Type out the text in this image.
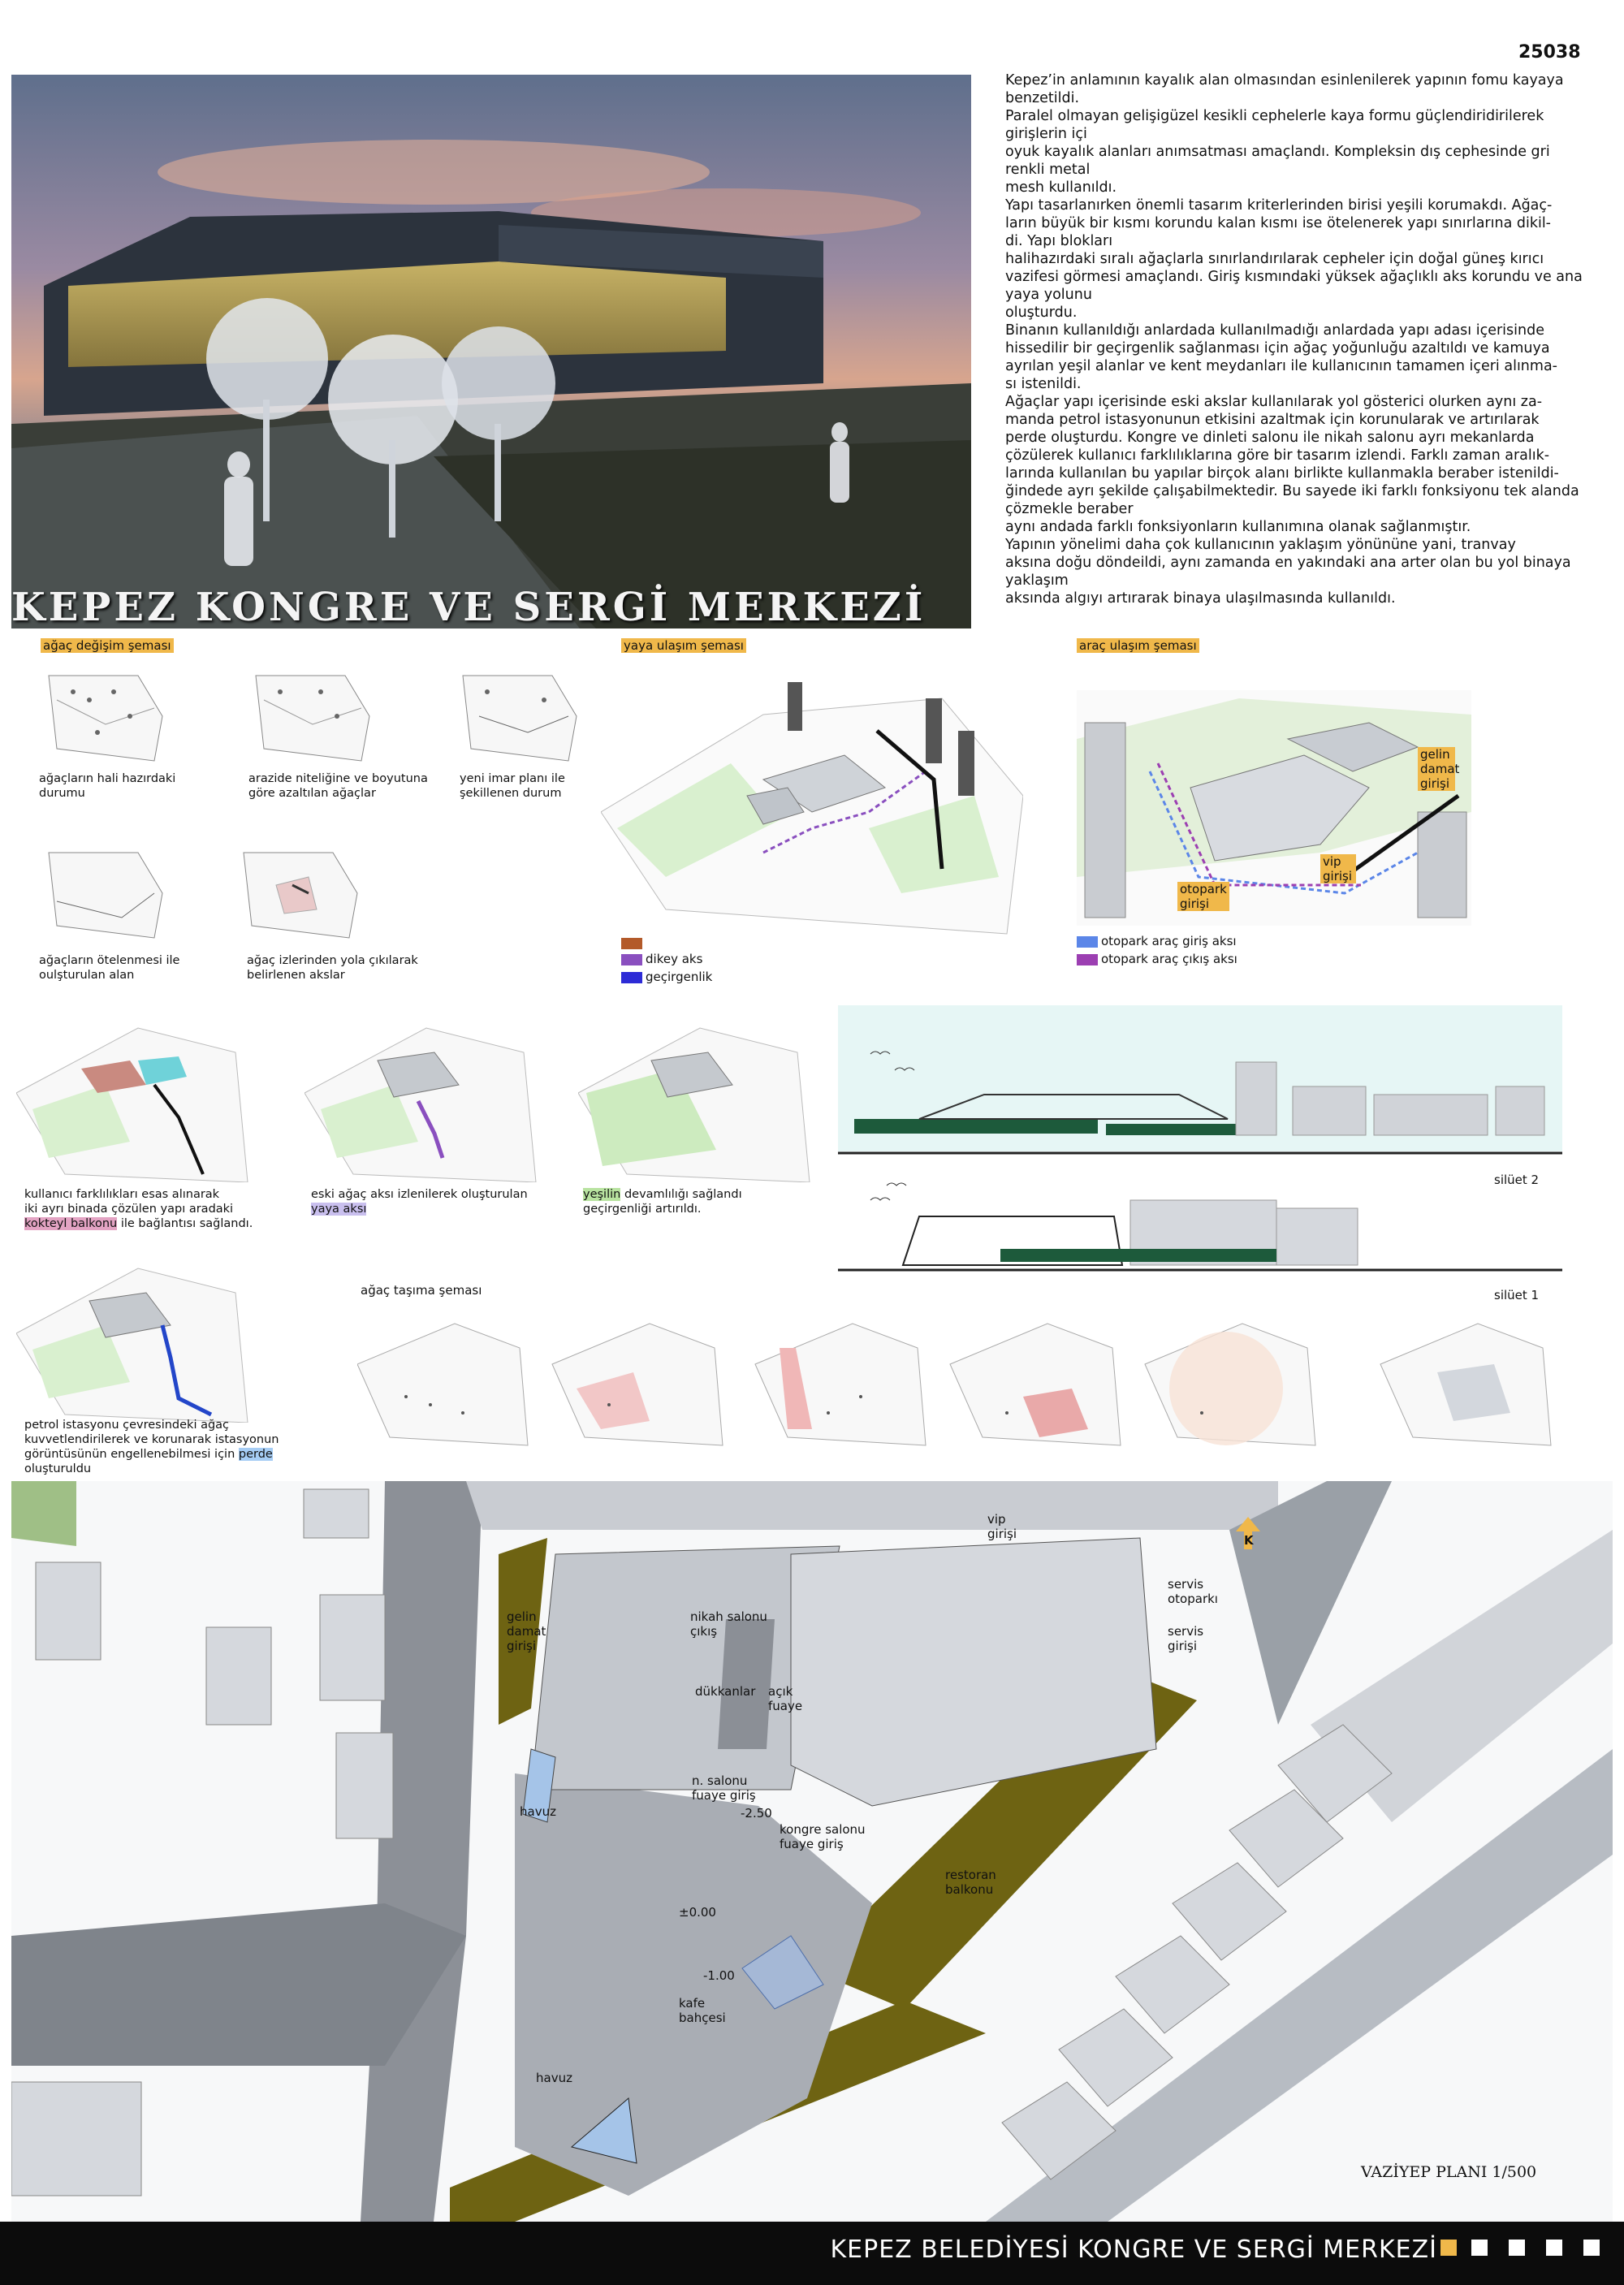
25038
KEPEZ KONGRE VE SERGİ MERKEZİ

Kepez’in anlamının kayalık alan olmasından esinlenilerek yapının fomu kayaya benzetildi.

Paralel olmayan gelişigüzel kesikli cephelerle kaya formu güçlendiridirilerek girişlerin içi

oyuk kayalık alanları anımsatması amaçlandı. Kompleksin dış cephesinde gri renkli metal

mesh kullanıldı.

Yapı tasarlanırken önemli tasarım kriterlerinden birisi yeşili korumakdı. Ağaç-

ların büyük bir kısmı korundu kalan kısmı ise ötelenerek yapı sınırlarına dikil-

di. Yapı blokları

halihazırdaki sıralı ağaçlarla sınırlandırılarak cepheler için doğal güneş kırıcı

vazifesi görmesi amaçlandı. Giriş kısmındaki yüksek ağaçlıklı aks korundu ve ana yaya yolunu

oluşturdu.

Binanın kullanıldığı anlardada kullanılmadığı anlardada yapı adası içerisinde

hissedilir bir geçirgenlik sağlanması için ağaç yoğunluğu azaltıldı ve kamuya

ayrılan yeşil alanlar ve kent meydanları ile kullanıcının tamamen içeri alınma-

sı istenildi.

Ağaçlar yapı içerisinde eski akslar kullanılarak yol gösterici olurken aynı za-

manda petrol istasyonunun etkisini azaltmak için korunularak ve artırılarak

perde oluşturdu. Kongre ve dinleti salonu ile nikah salonu ayrı mekanlarda

çözülerek kullanıcı farklılıklarına göre bir tasarım izlendi. Farklı zaman aralık-

larında kullanılan bu yapılar birçok alanı birlikte kullanmakla beraber istenildi-

ğindede ayrı şekilde çalışabilmektedir. Bu sayede iki farklı fonksiyonu tek alanda çözmekle beraber

aynı andada farklı fonksiyonların kullanımına olanak sağlanmıştır.

Yapının yönelimi daha çok kullanıcının yaklaşım yönününe yani, tranvay

aksına doğu döndeildi, aynı zamanda en yakındaki ana arter olan bu yol binaya yaklaşım

aksında algıyı artırarak binaya ulaşılmasında kullanıldı.

ağaç değişim şeması	yaya ulaşım şeması	araç ulaşım şeması
ağaçların hali hazırdaki durumu
arazide niteliğine ve boyutuna göre azaltılan ağaçlar
yeni imar planı ile şekillenen durum
ağaçların ötelenmesi ile oulşturulan alan
ağaç izlerinden yola çıkılarak belirlenen akslar
dikey aks
geçirgenlik
gelin damat girişi
vip girişi
otopark girişi
otopark araç giriş aksı
otopark araç çıkış aksı
kullanıcı farklılıkları esas alınarak
iki ayrı binada çözülen yapı aradaki
kokteyl balkonu ile bağlantısı sağlandı.
eski ağaç aksı izlenilerek oluşturulan
yaya aksı
yeşilin devamlılığı sağlandı
geçirgenliği artırıldı.
petrol istasyonu çevresindeki ağaç
kuvvetlendirilerek ve korunarak istasyonun
görüntüsünün engellenebilmesi için perde
oluşturuldu
silüet 2
silüet 1
ağaç taşıma şeması
vip girişi
servis otoparkı
servis girişi
gelin damat girişi
nikah salonu çıkış
dükkanlar açık fuaye
n. salonu fuaye giriş
-2.50
kongre salonu fuaye giriş
havuz
restoran balkonu
±0.00
-1.00
kafe bahçesi
havuz
K
VAZİYEP PLANI 1/500
KEPEZ BELEDİYESİ KONGRE VE SERGİ MERKEZİ
